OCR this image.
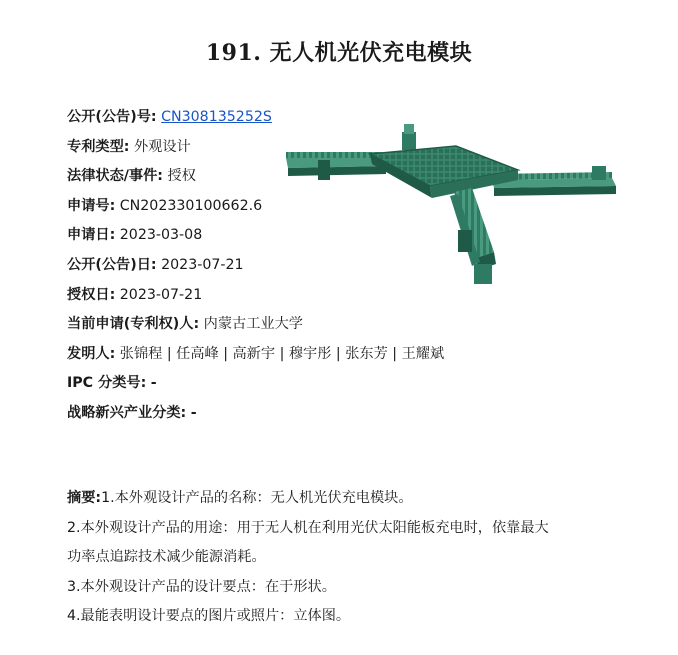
191. 无人机光伏充电模块
公开(公告)号: CN308135252S
专利类型: 外观设计
法律状态/事件: 授权
申请号: CN202330100662.6
申请日: 2023-03-08
公开(公告)日: 2023-07-21
授权日: 2023-07-21
当前申请(专利权)人: 内蒙古工业大学
发明人: 张锦程 | 任高峰 | 高新宇 | 穆宇彤 | 张东芳 | 王耀斌
IPC 分类号: -
战略新兴产业分类: -
摘要:1.本外观设计产品的名称：无人机光伏充电模块。
2.本外观设计产品的用途：用于无人机在利用光伏太阳能板充电时，依靠最大
功率点追踪技术减少能源消耗。
3.本外观设计产品的设计要点：在于形状。
4.最能表明设计要点的图片或照片：立体图。
